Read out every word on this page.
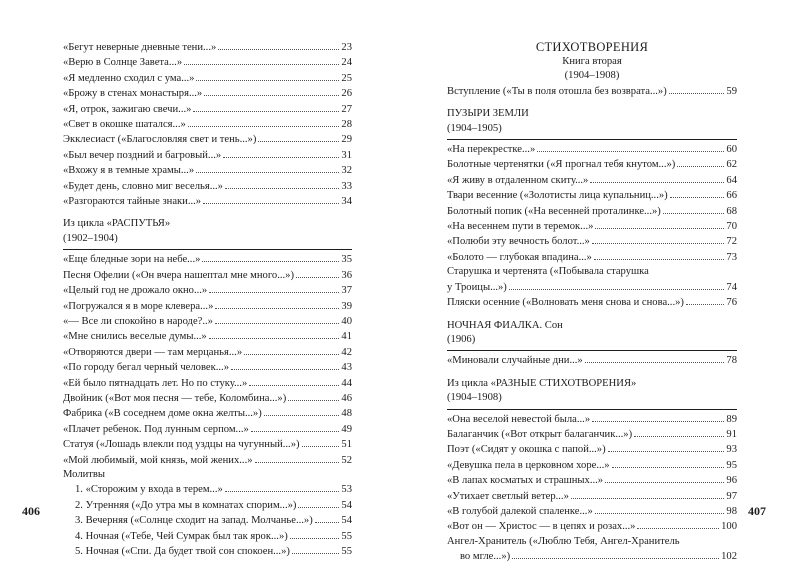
«Бегут неверные дневные тени...»	23
«Верю в Солнце Завета...»	24
«Я медленно сходил с ума...»	25
«Брожу в стенах монастыря...»	26
«Я, отрок, зажигаю свечи...»	27
«Свет в окошке шатался...»	28
Экклесиаст («Благословляя свет и тень...»)	29
«Был вечер поздний и багровый...»	31
«Вхожу я в темные храмы...»	32
«Будет день, словно миг веселья...»	33
«Разгораются тайные знаки...»	34
Из цикла «РАСПУТЬЯ»
(1902–1904)
«Еще бледные зори на небе...»	35
Песня Офелии («Он вчера нашептал мне много...»)	36
«Целый год не дрожало окно...»	37
«Погружался я в море клевера...»	39
«— Все ли спокойно в народе?..»	40
«Мне снились веселые думы...»	41
«Отворяются двери — там мерцанья...»	42
«По городу бегал черный человек...»	43
«Ей было пятнадцать лет. Но по стуку...»	44
Двойник («Вот моя песня — тебе, Коломбина...»)	46
Фабрика («В соседнем доме окна желты...»)	48
«Плачет ребенок. Под лунным серпом...»	49
Статуя («Лошадь влекли под уздцы на чугунный...»)	51
«Мой любимый, мой князь, мой жених...»	52
Молитвы
1. «Сторожим у входа в терем...»	53
2. Утренняя («До утра мы в комнатах спорим...»)	54
3. Вечерняя («Солнце сходит на запад. Молчанье...»)	54
4. Ночная («Тебе, Чей Сумрак был так ярок...»)	55
5. Ночная («Спи. Да будет твой сон спокоен...»)	55
СТИХОТВОРЕНИЯ
Книга вторая
(1904–1908)
Вступление («Ты в поля отошла без возврата...»)	59
ПУЗЫРИ ЗЕМЛИ
(1904–1905)
«На перекрестке...»	60
Болотные чертенятки («Я прогнал тебя кнутом...»)	62
«Я живу в отдаленном скиту...»	64
Твари весенние («Золотисты лица купальниц...»)	66
Болотный попик («На весенней проталинке...»)	68
«На весеннем пути в теремок...»	70
«Полюби эту вечность болот...»	72
«Болото — глубокая впадина...»	73
Старушка и чертенята («Побывала старушка
у Троицы...»)	74
Пляски осенние («Волновать меня снова и снова...»)	76
НОЧНАЯ ФИАЛКА. Сон
(1906)
«Миновали случайные дни...»	78
Из цикла «РАЗНЫЕ СТИХОТВОРЕНИЯ»
(1904–1908)
«Она веселой невестой была...»	89
Балаганчик («Вот открыт балаганчик...»)	91
Поэт («Сидят у окошка с папой...»)	93
«Девушка пела в церковном хоре...»	95
«В лапах косматых и страшных...»	96
«Утихает светлый ветер...»	97
«В голубой далекой спаленке...»	98
«Вот он — Христос — в цепях и розах...»	100
Ангел-Хранитель («Люблю Тебя, Ангел-Хранитель
во мгле...»)	102
406	407
